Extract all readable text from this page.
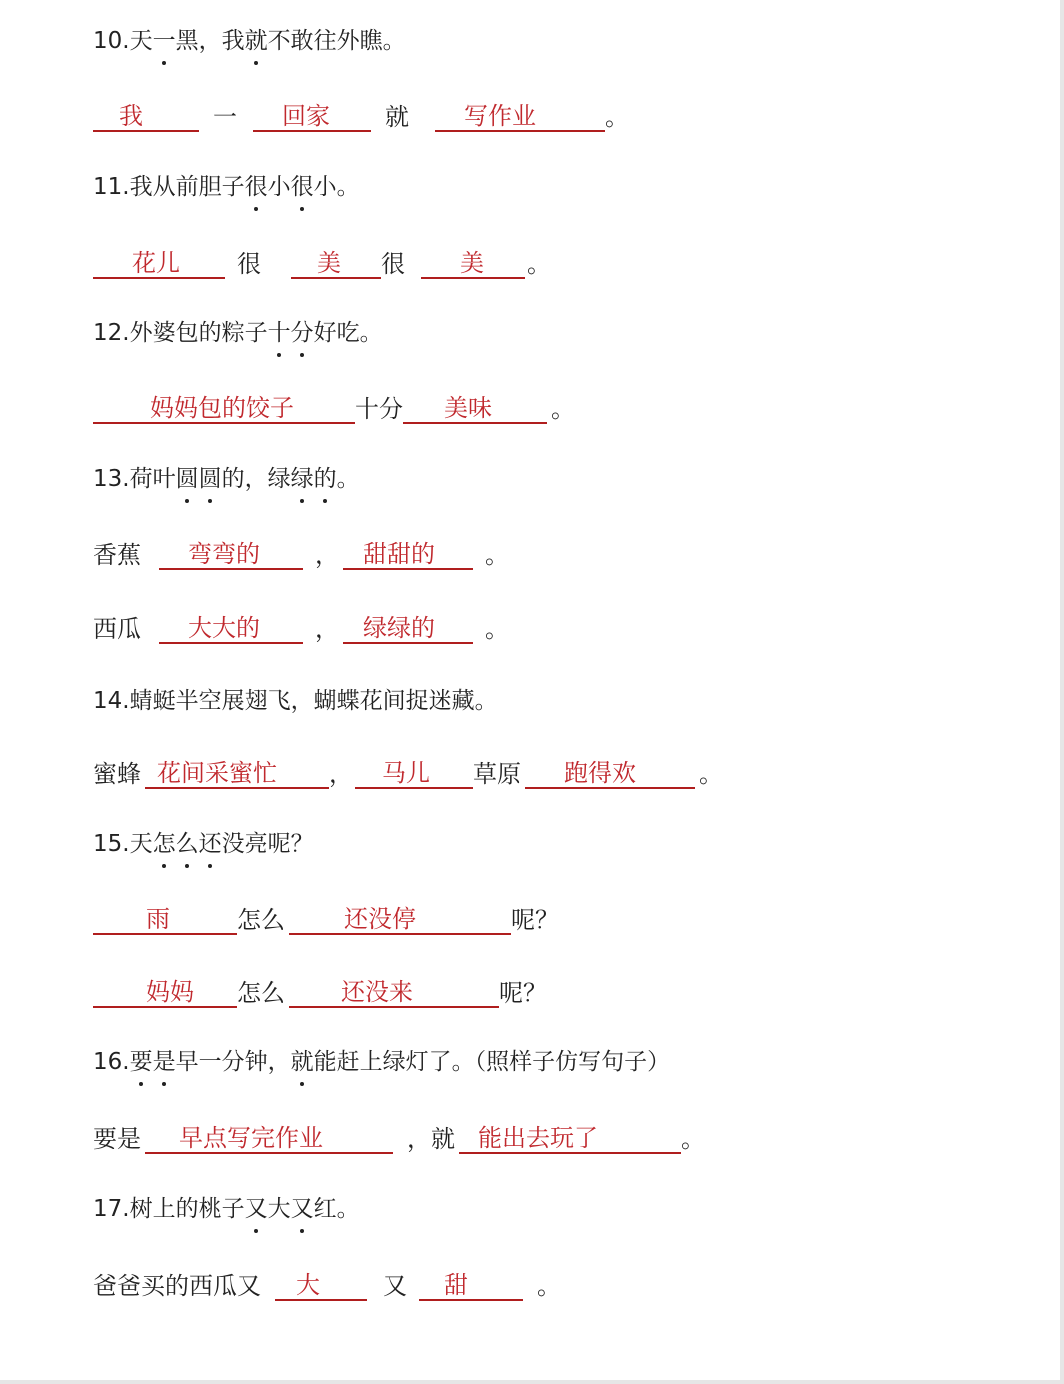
10.天一黑，我就不敢往外瞧。
我	一 回家 就 写作业	。
11.我从前胆子很小很小。
花儿 很 美 很 美 。
12.外婆包的粽子十分好吃。
妈妈包的饺子	十分 美味 。
13.荷叶圆圆的，绿绿的。
香蕉 弯弯的 ， 甜甜的 。
西瓜 大大的 ， 绿绿的 。
14.蜻蜓半空展翅飞，蝴蝶花间捉迷藏。
蜜蜂 花间采蜜忙 ， 马儿 草原 跑得欢	。
15.天怎么还没亮呢？
雨	怎么 还没停	呢？
妈妈 怎么 还没来	呢？
16.要是早一分钟，就能赶上绿灯了。（照样子仿写句子）
要是 早点写完作业	，就 能出去玩了	。
17.树上的桃子又大又红。
爸爸买的西瓜又 大	又 甜	。
